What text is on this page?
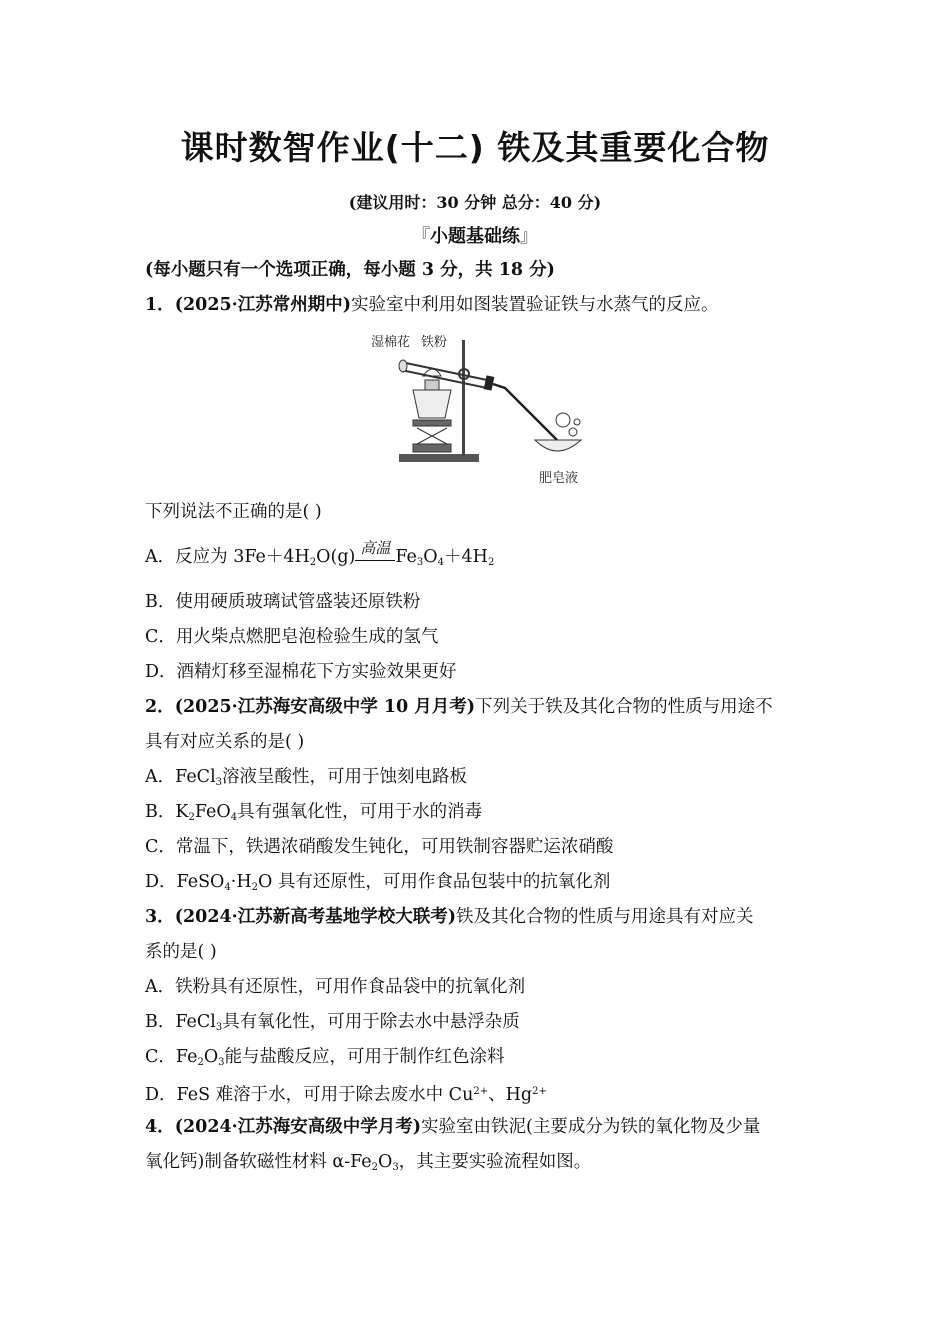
课时数智作业(十二) 铁及其重要化合物
(建议用时：30 分钟 总分：40 分)
『小题基础练』
(每小题只有一个选项正确，每小题 3 分，共 18 分)
1．(2025·江苏常州期中)实验室中利用如图装置验证铁与水蒸气的反应。
湿棉花 铁粉
肥皂液
下列说法不正确的是( )
A．反应为 $3Fe+4H_2O(g)$ 高温 $Fe_3O_4+4H_2$
B．使用硬质玻璃试管盛装还原铁粉
C．用火柴点燃肥皂泡检验生成的氢气
D．酒精灯移至湿棉花下方实验效果更好
2．(2025·江苏海安高级中学 10 月月考)下列关于铁及其化合物的性质与用途不
具有对应关系的是( )
A．FeCl$_3$溶液呈酸性，可用于蚀刻电路板
B．$K_2FeO_4$具有强氧化性，可用于水的消毒
C．常温下，铁遇浓硝酸发生钝化，可用铁制容器贮运浓硝酸
D．$FeSO_4\cdot H_2O$ 具有还原性，可用作食品包装中的抗氧化剂
3．(2024·江苏新高考基地学校大联考)铁及其化合物的性质与用途具有对应关
系的是( )
A．铁粉具有还原性，可用作食品袋中的抗氧化剂
B．FeCl$_3$具有氧化性，可用于除去水中悬浮杂质
C．$Fe_2O_3$能与盐酸反应，可用于制作红色涂料
D．FeS 难溶于水，可用于除去废水中 $Cu^{2+}$、$Hg^{2+}$
4．(2024·江苏海安高级中学月考)实验室由铁泥(主要成分为铁的氧化物及少量
氧化钙)制备软磁性材料 $\alpha-Fe_2O_3$，其主要实验流程如图。
